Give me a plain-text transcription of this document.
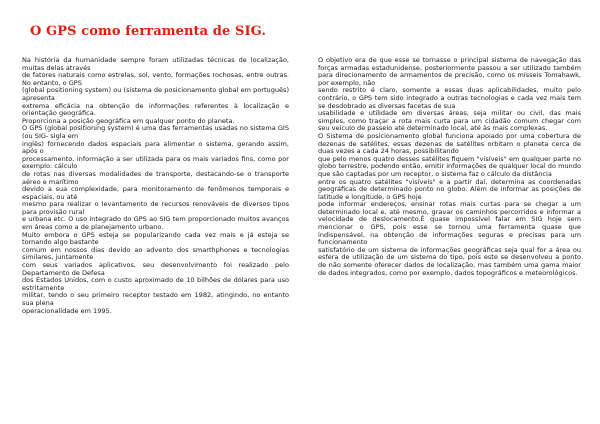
O GPS como ferramenta de SIG.

Na história da humanidade sempre foram utilizadas técnicas de localização, muitas delas através

de fatores naturais como estrelas, sol, vento, formações rochosas, entre outras. No entanto, o GPS

(global positioning system) ou (sistema de posicionamento global em português) apresenta

extrema eficácia na obtenção de informações referentes à localização e orientação geográfica.

Proporciona a posição geográfica em qualquer ponto do planeta.

O GPS (global positioning system) é uma das ferramentas usadas no sistema GIS (ou SIG- sigla em

inglês) fornecendo dados espaciais para alimentar o sistema, gerando assim, após o

processamento, informação a ser utilizada para os mais variados fins, como por exemplo: cálculo

de rotas nas diversas modalidades de transporte, destacando-se o transporte aéreo e marítimo

devido a sua complexidade, para monitoramento de fenômenos temporais e espaciais, ou até

mesmo para realizar o levantamento de recursos renováveis de diversos tipos para provisão rural

e urbana etc. O uso integrado do GPS ao SIG tem proporcionado muitos avanços em áreas como a de planejamento urbano.

Muito embora o GPS esteja se popularizando cada vez mais e já esteja se tornando algo bastante

comum em nossos dias devido ao advento dos smarthphones e tecnologias similares, juntamente

com seus variados aplicativos, seu desenvolvimento foi realizado pelo Departamento de Defesa

dos Estados Unidos, com o custo aproximado de 10 bilhões de dólares para uso estritamente

militar, tendo o seu primeiro receptor testado em 1982, atingindo, no entanto sua plena

operacionalidade em 1995.

O objetivo era de que esse se tornasse o principal sistema de navegação das forças armadas estadunidense, posteriormente passou a ser utilizado também para direcionamento de armamentos de precisão, como os mísseis Tomahawk, por exemplo, não

sendo restrito é claro, somente a essas duas aplicabilidades, muito pelo contrário, o GPS tem sido integrado a outras tecnologias e cada vez mais tem se desdobrado as diversas facetas de sua

usabilidade e utilidade em diversas áreas, seja militar ou civil, das mais simples, como traçar a rota mais curta para um cidadão comum chegar com seu veículo de passeio até determinado local, até às mais complexas.

O Sistema de posicionamento global funciona apoiado por uma cobertura de dezenas de satélites, essas dezenas de satélites orbitam o planeta cerca de duas vezes a cada 24 horas, possibilitando

que pelo menos quatro desses satélites fiquem "visíveis" em qualquer parte no globo terrestre, podendo então, emitir informações de qualquer local do mundo que são captadas por um receptor, o sistema faz o cálculo da distância

entre os quatro satélites "visíveis" e a partir daí, determina as coordenadas geográficas de determinado ponto no globo. Além de informar as posições de latitude e longitude, o GPS hoje

pode informar endereços, ensinar rotas mais curtas para se chegar a um determinado local e, até mesmo, gravar os caminhos percorridos e informar a velocidade de deslocamento.É quase impossível falar em SIG hoje sem mencionar o GPS, pois esse se tornou uma ferramenta quase que indispensável, na obtenção de informações seguras e precisas para um funcionamento

satisfatório de um sistema de informações geográficas seja qual for a área ou esfera de utilização de um sistema do tipo, pois este se desenvolveu a ponto de não somente oferecer dados de localização, mas também uma gama maior de dados integrados, como por exemplo, dados topográficos e meteorológicos.
